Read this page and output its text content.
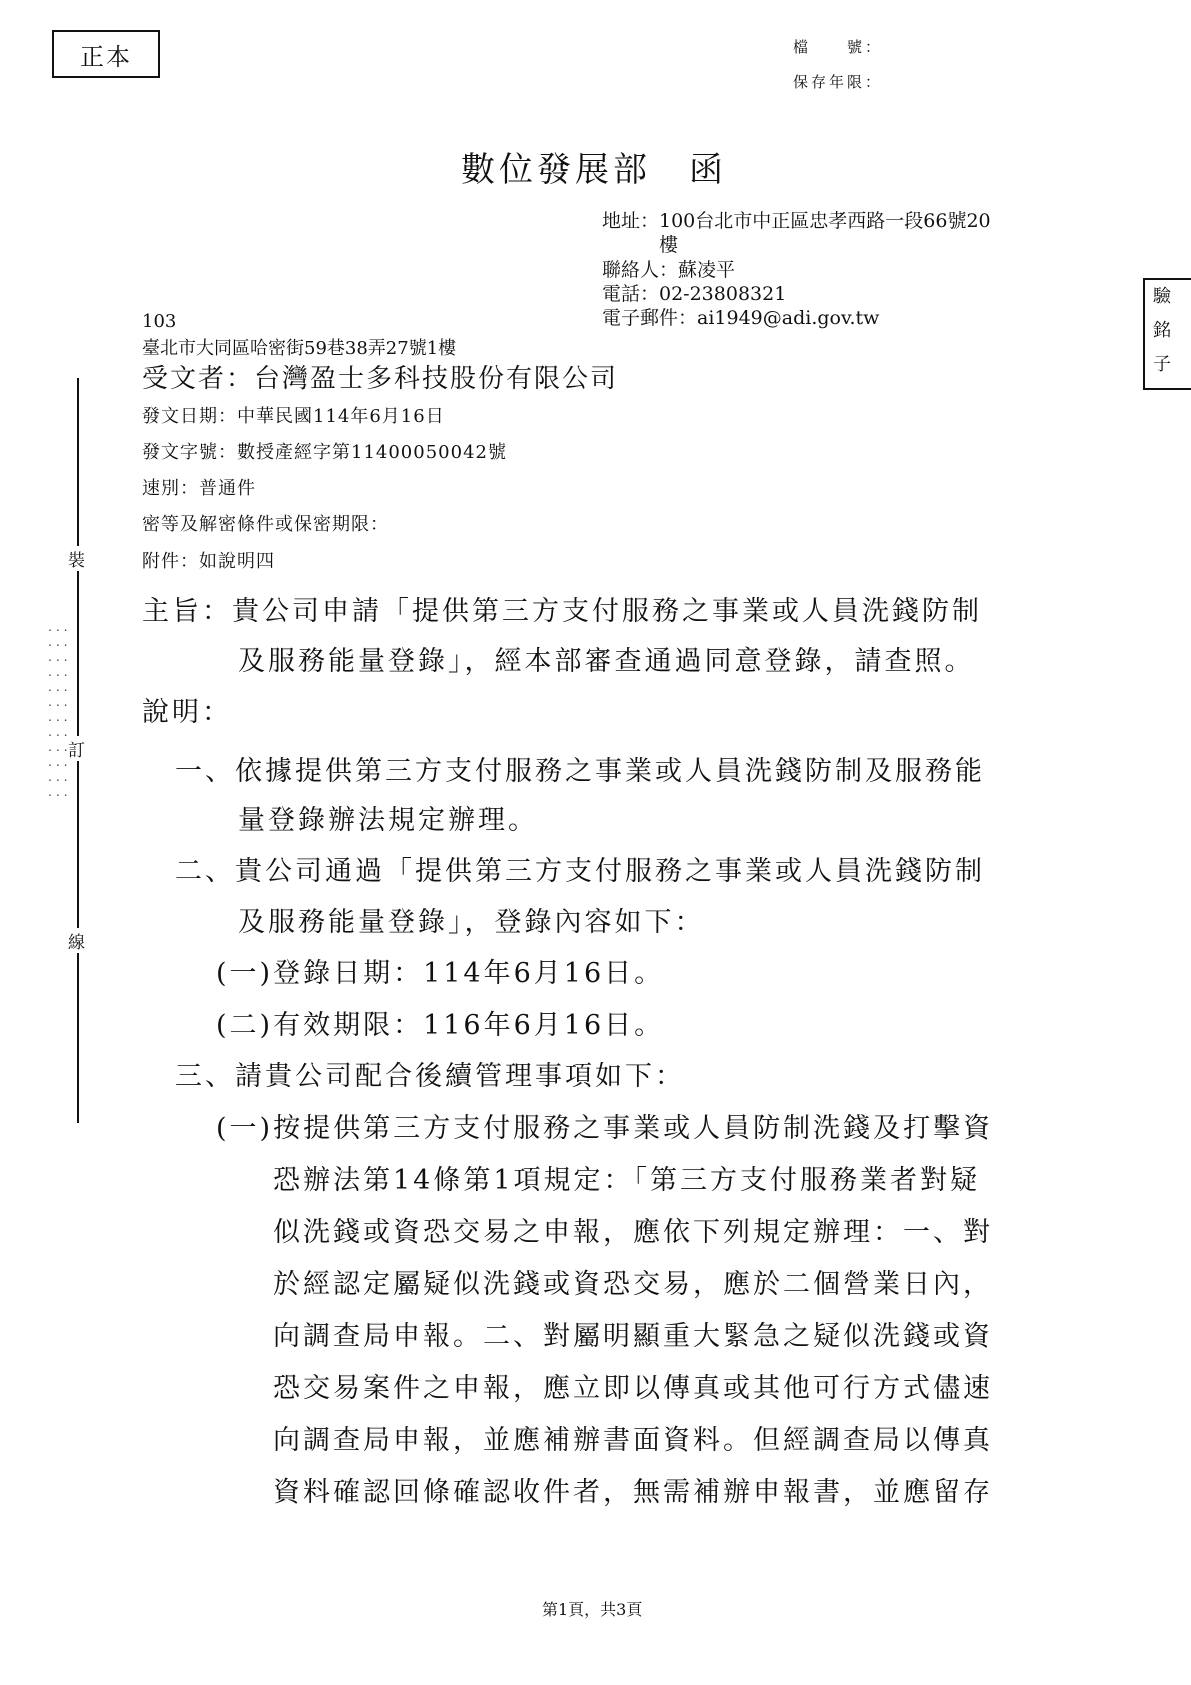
正本	檔　　號：
保存年限：
數位發展部　函
地址：100台北市中正區忠孝西路一段66號20
樓
聯絡人：蘇凌平
電話：02-23808321
電子郵件：ai1949@adi.gov.tw
驗
銘
子
103
臺北市大同區哈密街59巷38弄27號1樓
受文者：台灣盈士多科技股份有限公司
發文日期：中華民國114年6月16日
發文字號：數授產經字第11400050042號
速別：普通件
密等及解密條件或保密期限：
附件：如說明四
裝
訂
線
․ ․ ․
․ ․ ․
․ ․ ․
․ ․ ․
․ ․ ․
․ ․ ․
․ ․ ․
․ ․ ․
․ ․ ․
․ ․ ․
․ ․ ․
․ ․ ․
主旨：貴公司申請「提供第三方支付服務之事業或人員洗錢防制
及服務能量登錄」，經本部審查通過同意登錄，請查照。
說明：
一、依據提供第三方支付服務之事業或人員洗錢防制及服務能
量登錄辦法規定辦理。
二、貴公司通過「提供第三方支付服務之事業或人員洗錢防制
及服務能量登錄」，登錄內容如下：
(一)登錄日期：114年6月16日。
(二)有效期限：116年6月16日。
三、請貴公司配合後續管理事項如下：
(一)按提供第三方支付服務之事業或人員防制洗錢及打擊資
恐辦法第14條第1項規定：「第三方支付服務業者對疑
似洗錢或資恐交易之申報，應依下列規定辦理：一、對
於經認定屬疑似洗錢或資恐交易，應於二個營業日內，
向調查局申報。二、對屬明顯重大緊急之疑似洗錢或資
恐交易案件之申報，應立即以傳真或其他可行方式儘速
向調查局申報，並應補辦書面資料。但經調查局以傳真
資料確認回條確認收件者，無需補辦申報書，並應留存
第1頁，共3頁
